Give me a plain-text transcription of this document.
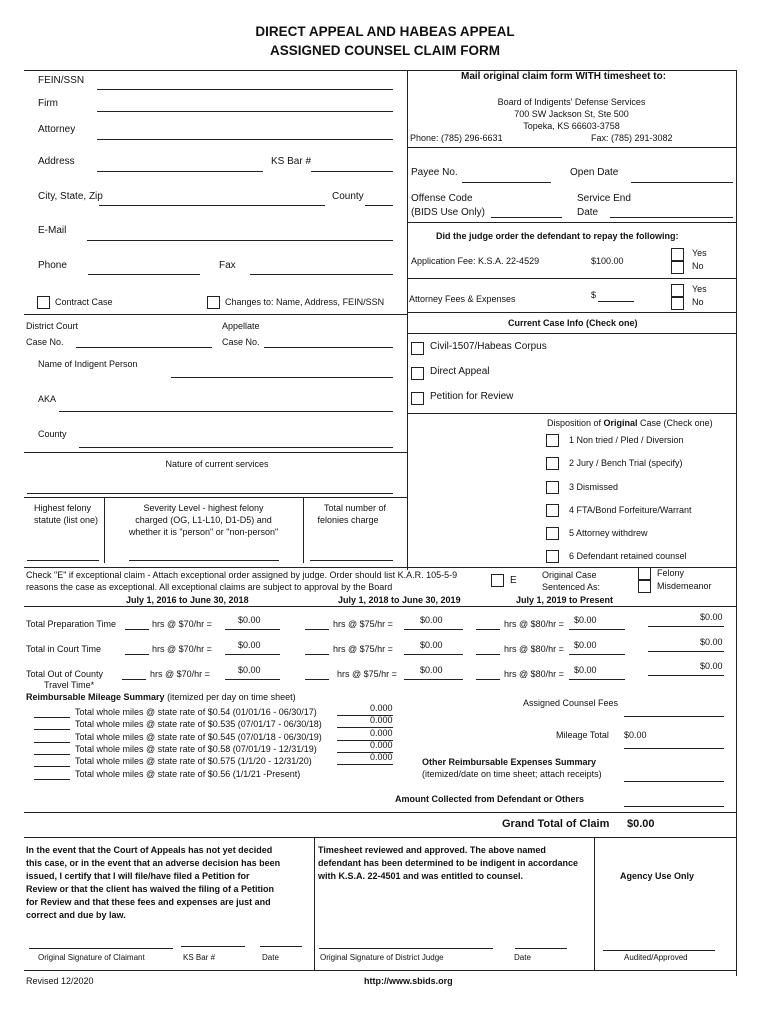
DIRECT APPEAL AND HABEAS APPEAL
ASSIGNED COUNSEL CLAIM FORM
FEIN/SSN
Firm
Attorney
Address	KS Bar #
City, State, Zip	County
E-Mail
Phone	Fax
Contract Case	Changes to: Name, Address, FEIN/SSN
District Court
Case No.
Appellate
Case No.
Name of Indigent Person
AKA
County
Nature of current services
Highest felony
statute (list one)
Severity Level - highest felony
charged (OG, L1-L10, D1-D5) and
whether it is "person" or "non-person"
Total number of
felonies charge
Mail original claim form WITH timesheet to:
Board of Indigents' Defense Services
700 SW Jackson St, Ste 500
Topeka, KS 66603-3758
Phone: (785) 296-6631	Fax: (785) 291-3082
Payee No.	Open Date
Offense Code
(BIDS Use Only)
Service End
Date
Did the judge order the defendant to repay the following:
Application Fee: K.S.A. 22-4529	$100.00
Yes
No
Attorney Fees & Expenses	$
Yes
No
Current Case Info (Check one)
Civil-1507/Habeas Corpus
Direct Appeal
Petition for Review
Disposition of Original Case (Check one)
1 Non tried / Pled / Diversion
2 Jury / Bench Trial (specify)
3 Dismissed
4 FTA/Bond Forfeiture/Warrant
5 Attorney withdrew
6 Defendant retained counsel
Check "E" if exceptional claim - Attach exceptional order assigned by judge. Order should list K.A.R. 105-5-9
reasons the case as exceptional. All exceptional claims are subject to approval by the Board
E	Original Case
Sentenced As:
Felony
Misdemeanor
July 1, 2016 to June 30, 2018	July 1, 2018 to June 30, 2019	July 1, 2019 to Present
Total Preparation Time	hrs @ $70/hr =	$0.00	hrs @ $75/hr =	$0.00	hrs @ $80/hr = $0.00	$0.00
Total in Court Time	hrs @ $70/hr =	$0.00	hrs @ $75/hr =	$0.00	hrs @ $80/hr = $0.00	$0.00
Total Out of County
Travel Time*
hrs @ $70/hr =	$0.00	hrs @ $75/hr =	$0.00	hrs @ $80/hr = $0.00	$0.00
Reimbursable Mileage Summary (itemized per day on time sheet)
Total whole miles @ state rate of $0.54 (01/01/16 - 06/30/17)	0.000
Total whole miles @ state rate of $0.535 (07/01/17 - 06/30/18)	0.000
Total whole miles @ state rate of $0.545 (07/01/18 - 06/30/19)	0.000
Total whole miles @ state rate of $0.58 (07/01/19 - 12/31/19)	0.000
Total whole miles @ state rate of $0.575 (1/1/20 - 12/31/20)	0.000
Total whole miles @ state rate of $0.56 (1/1/21 -Present)
Assigned Counsel Fees
Mileage Total $0.00
Other Reimbursable Expenses Summary
(itemized/date on time sheet; attach receipts)
Amount Collected from Defendant or Others
Grand Total of Claim $0.00
In the event that the Court of Appeals has not yet decided
this case, or in the event that an adverse decision has been
issued, I certify that I will file/have filed a Petition for
Review or that the client has waived the filing of a Petition
for Review and that these fees and expenses are just and
correct and due by law.
Timesheet reviewed and approved. The above named
defendant has been determined to be indigent in accordance
with K.S.A. 22-4501 and was entitled to counsel.	Agency Use Only
Original Signature of Claimant	KS Bar #	Date	Original Signature of District Judge	Date	Audited/Approved
Revised 12/2020	http://www.sbids.org
